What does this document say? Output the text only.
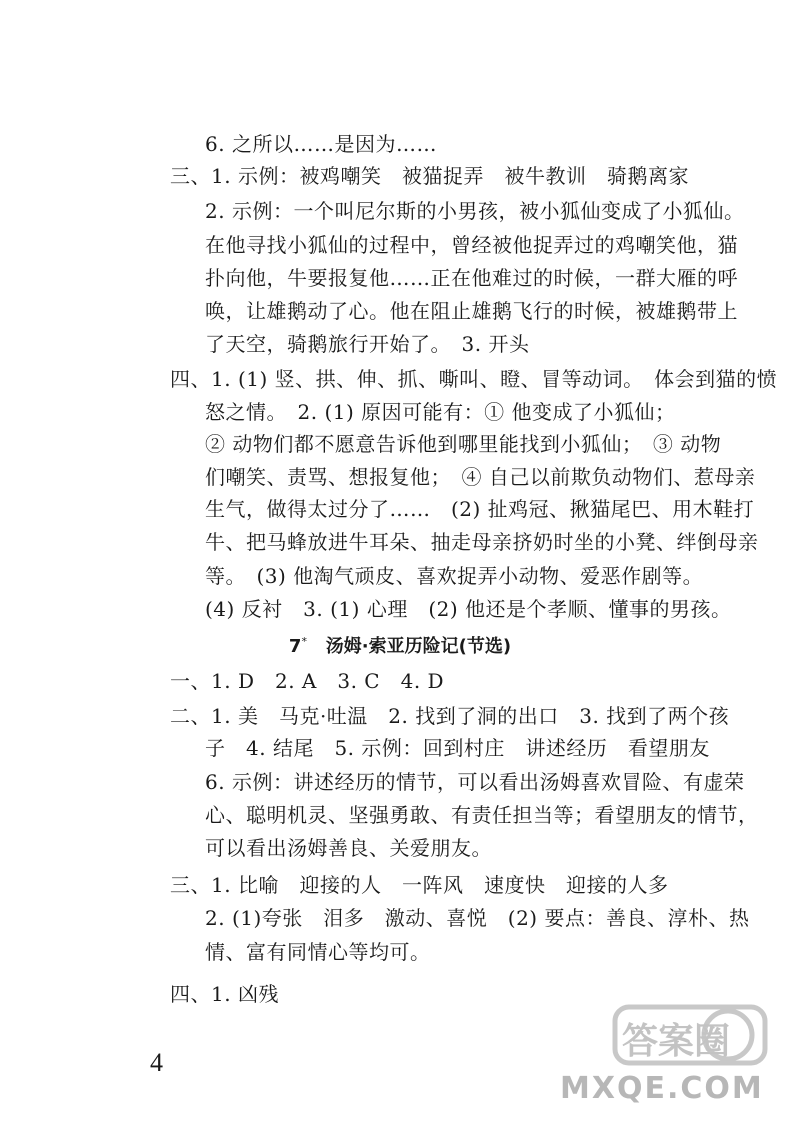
6. 之所以……是因为……
三、1. 示例：被鸡嘲笑　被猫捉弄　被牛教训　骑鹅离家
2. 示例：一个叫尼尔斯的小男孩，被小狐仙变成了小狐仙。
在他寻找小狐仙的过程中，曾经被他捉弄过的鸡嘲笑他，猫
扑向他，牛要报复他……正在他难过的时候，一群大雁的呼
唤，让雄鹅动了心。他在阻止雄鹅飞行的时候，被雄鹅带上
了天空，骑鹅旅行开始了。　3. 开头
四、1. (1) 竖、拱、伸、抓、嘶叫、瞪、冒等动词。　体会到猫的愤
怒之情。　2. (1) 原因可能有：① 他变成了小狐仙；
② 动物们都不愿意告诉他到哪里能找到小狐仙；　③ 动物
们嘲笑、责骂、想报复他；　④ 自己以前欺负动物们、惹母亲
生气，做得太过分了……　(2) 扯鸡冠、揪猫尾巴、用木鞋打
牛、把马蜂放进牛耳朵、抽走母亲挤奶时坐的小凳、绊倒母亲
等。　(3) 他淘气顽皮、喜欢捉弄小动物、爱恶作剧等。
(4) 反衬　3. (1) 心理　(2) 他还是个孝顺、懂事的男孩。
7* 汤姆·索亚历险记(节选)
一、1. D　2. A　3. C　4. D
二、1. 美　马克·吐温　2. 找到了洞的出口　3. 找到了两个孩
子　4. 结尾　5. 示例：回到村庄　讲述经历　看望朋友
6. 示例：讲述经历的情节，可以看出汤姆喜欢冒险、有虚荣
心、聪明机灵、坚强勇敢、有责任担当等；看望朋友的情节，
可以看出汤姆善良、关爱朋友。
三、1. 比喻　迎接的人　一阵风　速度快　迎接的人多
2. (1)夸张　泪多　激动、喜悦　(2) 要点：善良、淳朴、热
情、富有同情心等均可。
四、1. 凶残
4
答案圈
MXQE.COM
